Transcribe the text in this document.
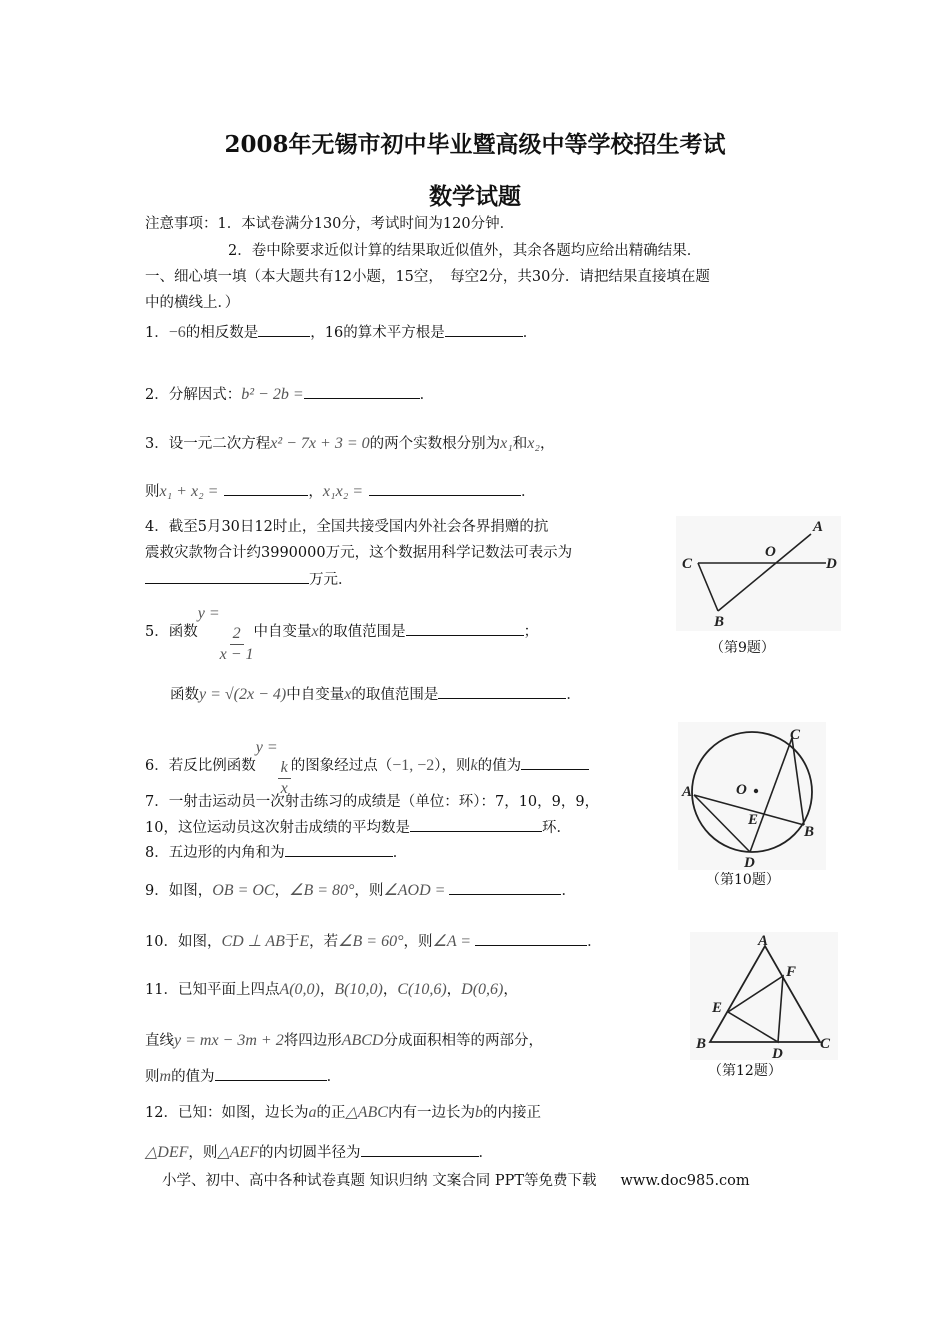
2008年无锡市初中毕业暨高级中等学校招生考试
数学试题
注意事项：1．本试卷满分130分，考试时间为120分钟．
2．卷中除要求近似计算的结果取近似值外，其余各题均应给出精确结果．
一、细心填一填（本大题共有12小题，15空，　每空2分，共30分．请把结果直接填在题
中的横线上．）
1．−6的相反数是	，16的算术平方根是	．
2．分解因式：b² − 2b =	．
3．设一元二次方程x² − 7x + 3 = 0的两个实数根分别为x₁和x₂，
则x₁ + x₂ =	，x₁x₂ =	．
4．截至5月30日12时止，全国共接受国内外社会各界捐赠的抗
震救灾款物合计约3990000万元，这个数据用科学记数法可表示为
万元．
5．函数y =
$\frac{2}{x - 1}$ 中自变量x的取值范围是	；
函数y = √(2x − 4)中自变量x的取值范围是	．
6．若反比例函数y =
$\frac{k}{x}$ 的图象经过点（−1, −2），则k的值为
7．一射击运动员一次射击练习的成绩是（单位：环）：7，10，9，9，
10，这位运动员这次射击成绩的平均数是	环．
8．五边形的内角和为	．
9．如图，OB = OC，∠B = 80°，则∠AOD =	．
10．如图，CD ⊥ AB于E，若∠B = 60°，则∠A =	．
11．已知平面上四点A(0,0)，B(10,0)，C(10,6)，D(0,6)，
直线y = mx − 3m + 2将四边形ABCD分成面积相等的两部分，
则m的值为	．
12．已知：如图，边长为a的正△ABC内有一边长为b的内接正
△DEF，则△AEF的内切圆半径为	．
小学、初中、高中各种试卷真题 知识归纳 文案合同 PPT等免费下载 www.doc985.com
A
O
D
C
B
（第9题）
C
O
A
E
B
D
（第10题）
A
F
E
B
D
C
（第12题）
